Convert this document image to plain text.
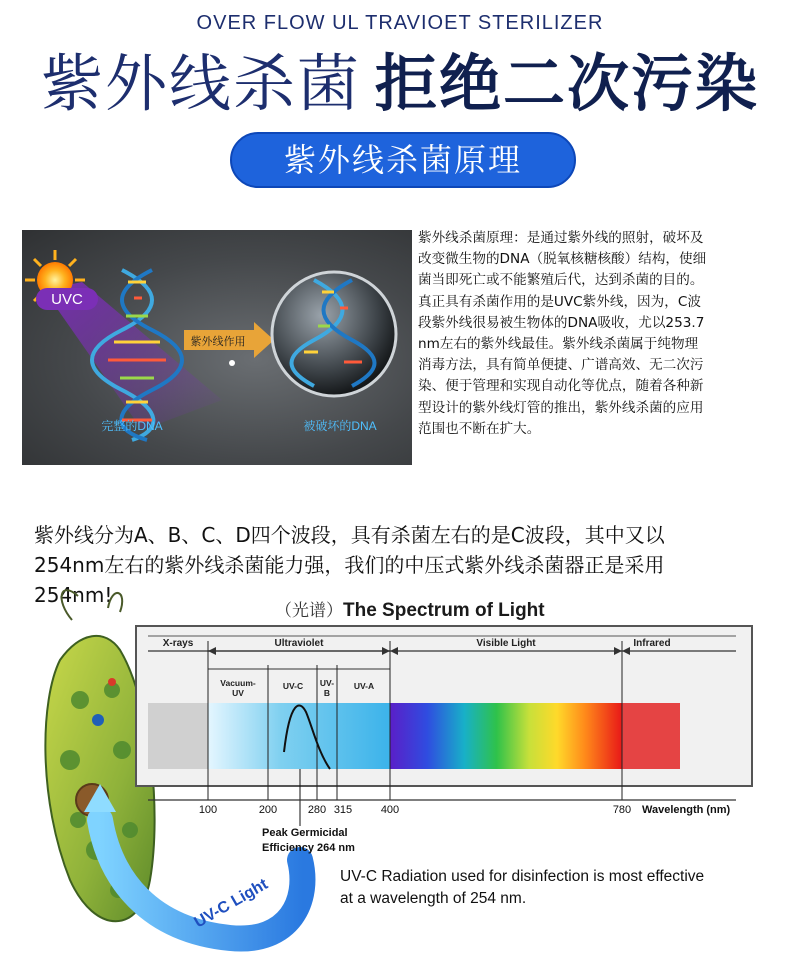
OVER FLOW UL TRAVIOET STERILIZER
紫外线杀菌 拒绝二次污染
紫外线杀菌原理
UVC
紫外线作用
完整的DNA	被破坏的DNA
紫外线杀菌原理：是通过紫外线的照射，破坏及
改变微生物的DNA（脱氧核糖核酸）结构，使细
菌当即死亡或不能繁殖后代，达到杀菌的目的。
真正具有杀菌作用的是UVC紫外线，因为，C波
段紫外线很易被生物体的DNA吸收，尤以253.7
nm左右的紫外线最佳。紫外线杀菌属于纯物理
消毒方法，具有简单便捷、广谱高效、无二次污
染、便于管理和实现自动化等优点，随着各种新
型设计的紫外线灯管的推出，紫外线杀菌的应用
范围也不断在扩大。
紫外线分为A、B、C、D四个波段，具有杀菌左右的是C波段，其中又以
254nm左右的紫外线杀菌能力强，我们的中压式紫外线杀菌器正是采用
254nm!
（光谱）The Spectrum of Light
UV-C Light
X-rays	Ultraviolet	Visible Light	Infrared
Vacuum-
UV
UV-C	UV-
B
UV-A
100	200	280 315	400	780 Wavelength (nm)
Peak Germicidal
Efficiency 264 nm
UV-C Radiation used for disinfection is most effective
at a wavelength of 254 nm.
